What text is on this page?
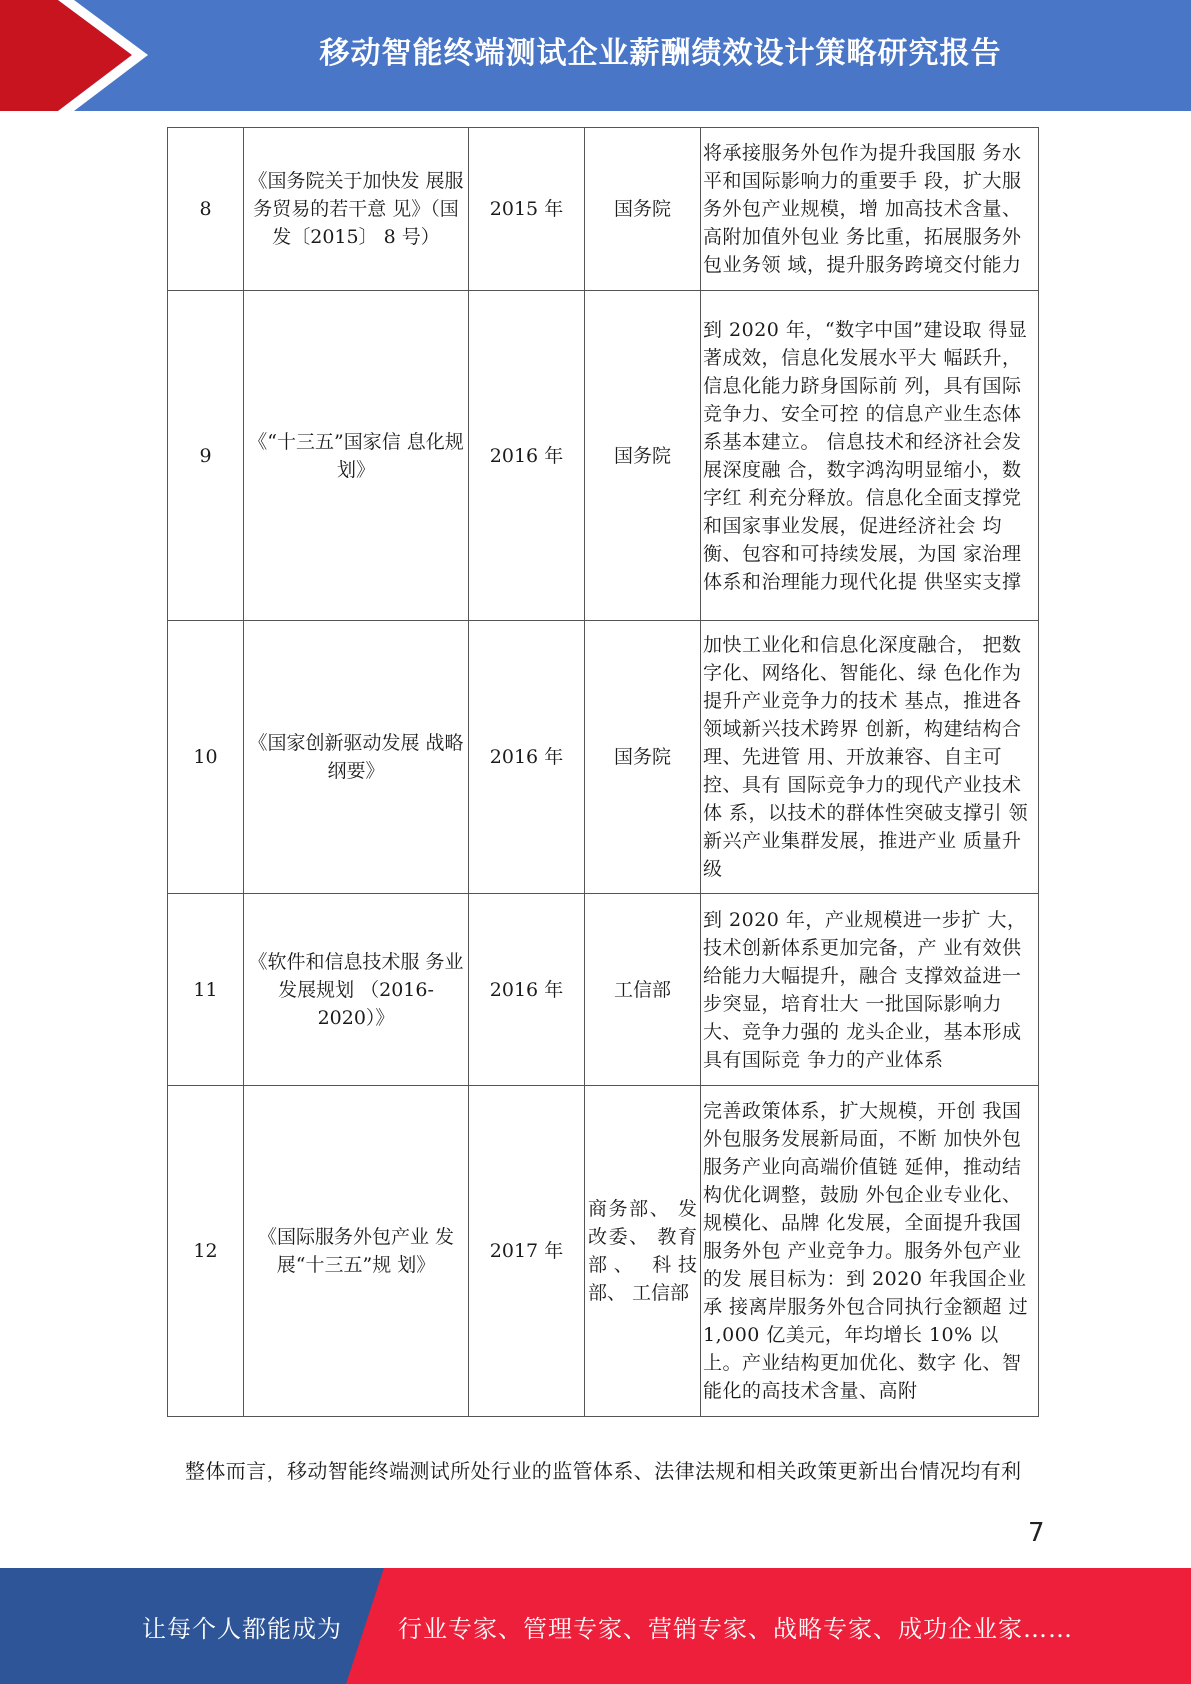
移动智能终端测试企业薪酬绩效设计策略研究报告
8	《国务院关于加快发 展服务贸易的若干意 见》（国发〔2015〕 8 号）	2015 年	国务院	将承接服务外包作为提升我国服 务水平和国际影响力的重要手 段，扩大服务外包产业规模，增 加高技术含量、高附加值外包业 务比重，拓展服务外包业务领 域，提升服务跨境交付能力
9	《“十三五”国家信 息化规划》	2016 年	国务院	到 2020 年，“数字中国”建设取 得显著成效，信息化发展水平大 幅跃升，信息化能力跻身国际前 列，具有国际竞争力、安全可控 的信息产业生态体系基本建立。 信息技术和经济社会发展深度融 合，数字鸿沟明显缩小，数字红 利充分释放。信息化全面支撑党 和国家事业发展，促进经济社会 均衡、包容和可持续发展，为国 家治理体系和治理能力现代化提 供坚实支撑
10	《国家创新驱动发展 战略纲要》	2016 年	国务院	加快工业化和信息化深度融合， 把数字化、网络化、智能化、绿 色化作为提升产业竞争力的技术 基点，推进各领域新兴技术跨界 创新，构建结构合理、先进管 用、开放兼容、自主可控、具有 国际竞争力的现代产业技术体 系，以技术的群体性突破支撑引 领新兴产业集群发展，推进产业 质量升级
11	《软件和信息技术服 务业发展规划 （2016-2020）》	2016 年	工信部	到 2020 年，产业规模进一步扩 大，技术创新体系更加完备，产 业有效供给能力大幅提升，融合 支撑效益进一步突显，培育壮大 一批国际影响力大、竞争力强的 龙头企业，基本形成具有国际竞 争力的产业体系
12	《国际服务外包产业 发展“十三五”规 划》	2017 年	商务部、 发改委、 教育部、 科技部、 工信部	完善政策体系，扩大规模，开创 我国外包服务发展新局面，不断 加快外包服务产业向高端价值链 延伸，推动结构优化调整，鼓励 外包企业专业化、规模化、品牌 化发展，全面提升我国服务外包 产业竞争力。服务外包产业的发 展目标为：到 2020 年我国企业承 接离岸服务外包合同执行金额超 过 1,000 亿美元，年均增长 10% 以上。产业结构更加优化、数字 化、智能化的高技术含量、高附
整体而言，移动智能终端测试所处行业的监管体系、法律法规和相关政策更新出台情况均有利
7
让每个人都能成为 行业专家、管理专家、营销专家、战略专家、成功企业家……
